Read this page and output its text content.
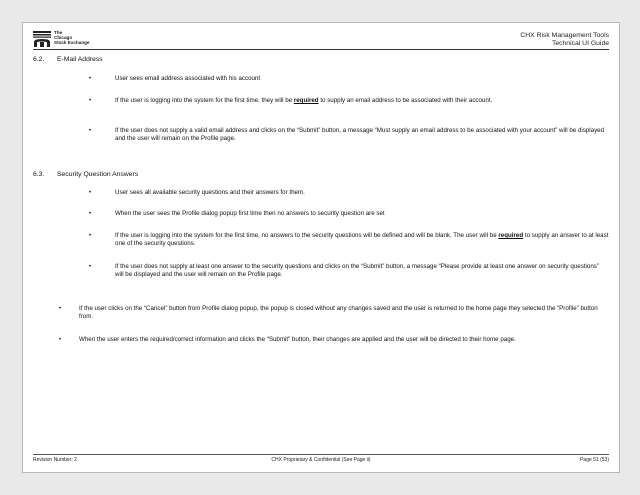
The
Chicago
Stock Exchange
CHX Risk Management Tools
Technical UI Guide
6.2. E-Mail Address
•	User sees email address associated with his account
•	If the user is logging into the system for the first time, they will be required to supply an email address to be associated with their account.
•	If the user does not supply a valid email address and clicks on the “Submit” button, a message “Must supply an email address to be associated with your account” will be displayed and the user will remain on the Profile page.
6.3. Security Question Answers
•	User sees all available security questions and their answers for them.
•	When the user sees the Profile dialog popup first time then no answers to security question are set
•	If the user is logging into the system for the first time, no answers to the security questions will be defined and will be blank. The user will be required to supply an answer to at least one of the security questions.
•	If the user does not supply at least one answer to the security questions and clicks on the “Submit” button, a message “Please provide at least one answer on security questions” will be displayed and the user will remain on the Profile page.
•	If the user clicks on the “Cancel” button from Profile dialog popup, the popup is closed without any changes saved and the user is returned to the home page they selected the “Profile” button from.
•	When the user enters the required/correct information and clicks the “Submit” button, their changes are applied and the user will be directed to their home page.
Revision Number: 2	CHX Proprietary & Confidential (See Page ii)	Page 51 (53)
